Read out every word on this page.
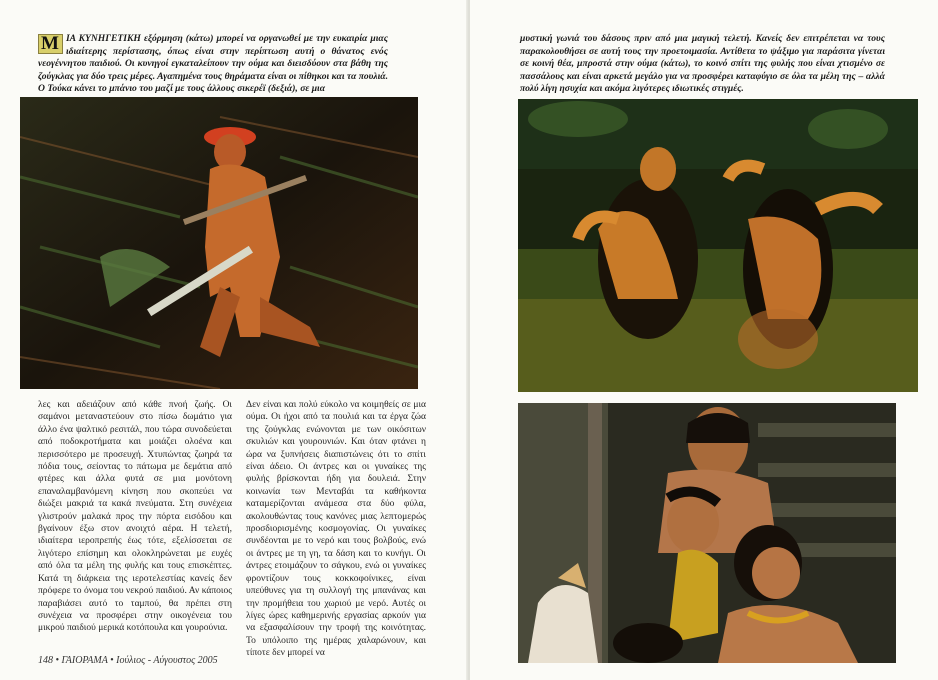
Μ ΙΑ ΚΥΝΗΓΕΤΙΚΗ εξόρμηση (κάτω) μπορεί να οργανωθεί με την ευκαιρία μιας ιδιαίτερης περίστασης, όπως είναι στην περίπτωση αυτή ο θάνατος ενός νεογέννητου παιδιού. Οι κυνηγοί εγκαταλείπουν την ούμα και διεισδύουν στα βάθη της ζούγκλας για δύο τρεις μέρες. Αγαπημένα τους θηράματα είναι οι πίθηκοι και τα πουλιά. Ο Τούκα κάνει το μπάνιο του μαζί με τους άλλους σικερέϊ (δεξιά), σε μια
λες και αδειάζουν από κάθε πνοή ζωής. Οι σαμάνοι μεταναστεύουν στο πίσω δωμάτιο για άλλο ένα ψαλτικό ρεσιτάλ, που τώρα συνοδεύεται από ποδοκροτήματα και μοιάζει ολοένα και περισσότερο με προσευχή. Χτυπώντας ζωηρά τα πόδια τους, σείοντας το πάτωμα με δεμάτια από φτέρες και άλλα φυτά σε μια μονότονη επαναλαμβανόμενη κίνηση που σκοπεύει να διώξει μακριά τα κακά πνεύματα. Στη συνέχεια γλιστρούν μαλακά προς την πόρτα εισόδου και βγαίνουν έξω στον ανοιχτό αέρα. Η τελετή, ιδιαίτερα ιεροπρεπής έως τότε, εξελίσσεται σε λιγότερο επίσημη και ολοκληρώνεται με ευχές από όλα τα μέλη της φυλής και τους επισκέπτες. Κατά τη διάρκεια της ιεροτελεστίας κανείς δεν πρόφερε το όνομα του νεκρού παιδιού. Αν κάποιος παραβιάσει αυτό το ταμπού, θα πρέπει στη συνέχεια να προσφέρει στην οικογένεια του μικρού παιδιού μερικά κοτόπουλα και γουρούνια.
Δεν είναι και πολύ εύκολο να κοιμηθείς σε μια ούμα. Οι ήχοι από τα πουλιά και τα έργα ζώα της ζούγκλας ενώνονται με των οικόσιτων σκυλιών και γουρουνιών. Και όταν φτάνει η ώρα να ξυπνήσεις διαπιστώνεις ότι το σπίτι είναι άδειο. Οι άντρες και οι γυναίκες της φυλής βρίσκονται ήδη για δουλειά. Στην κοινωνία των Μενταβάι τα καθήκοντα καταμερίζονται ανάμεσα στα δύο φύλα, ακολουθώντας τους κανόνες μιας λεπτομερώς προσδιορισμένης κοσμογονίας. Οι γυναίκες συνδέονται με το νερό και τους βολβούς, ενώ οι άντρες με τη γη, τα δάση και το κυνήγι. Οι άντρες ετοιμάζουν το σάγκου, ενώ οι γυναίκες φροντίζουν τους κοκκοφοίνικες, είναι υπεύθυνες για τη συλλογή της μπανάνας και την προμήθεια του χωριού με νερό. Αυτές οι λίγες ώρες καθημερινής εργασίας αρκούν για να εξασφαλίσουν την τροφή της κοινότητας. Το υπόλοιπο της ημέρας χαλαρώνουν, και τίποτε δεν μπορεί να
148 • ΓΑΙΟΡΑΜΑ • Ιούλιος - Αύγουστος 2005
μυστική γωνιά του δάσους πριν από μια μαγική τελετή. Κανείς δεν επιτρέπεται να τους παρακολουθήσει σε αυτή τους την προετοιμασία. Αντίθετα το ψάξιμο για παράσιτα γίνεται σε κοινή θέα, μπροστά στην ούμα (κάτω), το κοινό σπίτι της φυλής που είναι χτισμένο σε πασσάλους και είναι αρκετά μεγάλο για να προσφέρει καταφύγιο σε όλα τα μέλη της – αλλά πολύ λίγη ησυχία και ακόμα λιγότερες ιδιωτικές στιγμές.
